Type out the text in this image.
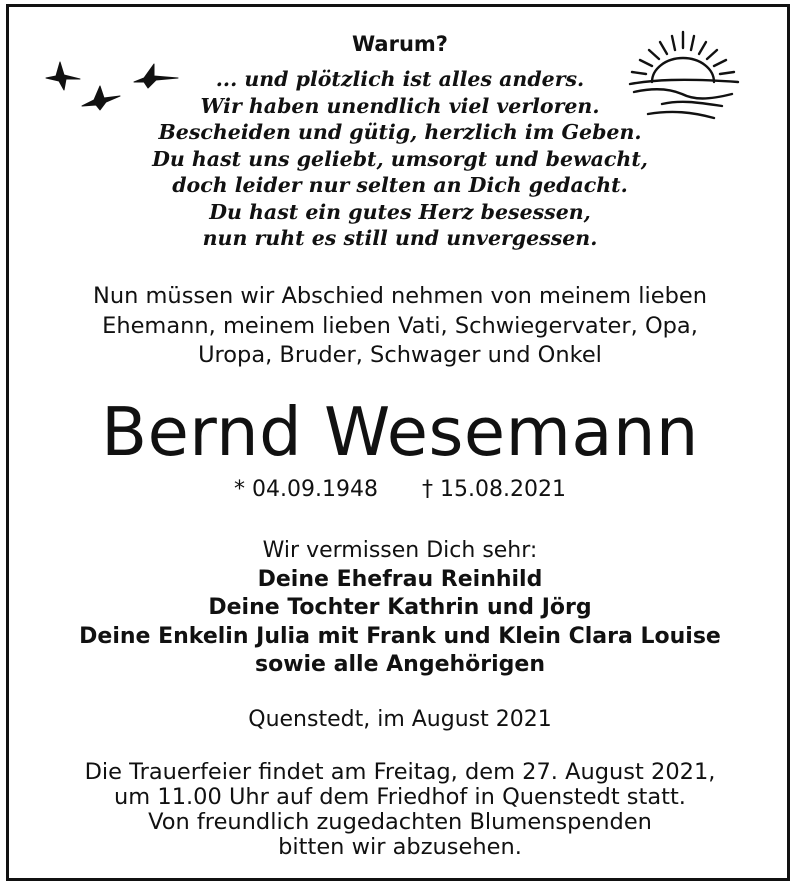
Warum?
... und plötzlich ist alles anders.
Wir haben unendlich viel verloren.
Bescheiden und gütig, herzlich im Geben.
Du hast uns geliebt, umsorgt und bewacht,
doch leider nur selten an Dich gedacht.
Du hast ein gutes Herz besessen,
nun ruht es still und unvergessen.
Nun müssen wir Abschied nehmen von meinem lieben
Ehemann, meinem lieben Vati, Schwiegervater, Opa,
Uropa, Bruder, Schwager und Onkel
Bernd Wesemann
* 04.09.1948 † 15.08.2021
Wir vermissen Dich sehr:
Deine Ehefrau Reinhild
Deine Tochter Kathrin und Jörg
Deine Enkelin Julia mit Frank und Klein Clara Louise
sowie alle Angehörigen
Quenstedt, im August 2021
Die Trauerfeier findet am Freitag, dem 27. August 2021,
um 11.00 Uhr auf dem Friedhof in Quenstedt statt.
Von freundlich zugedachten Blumenspenden
bitten wir abzusehen.
